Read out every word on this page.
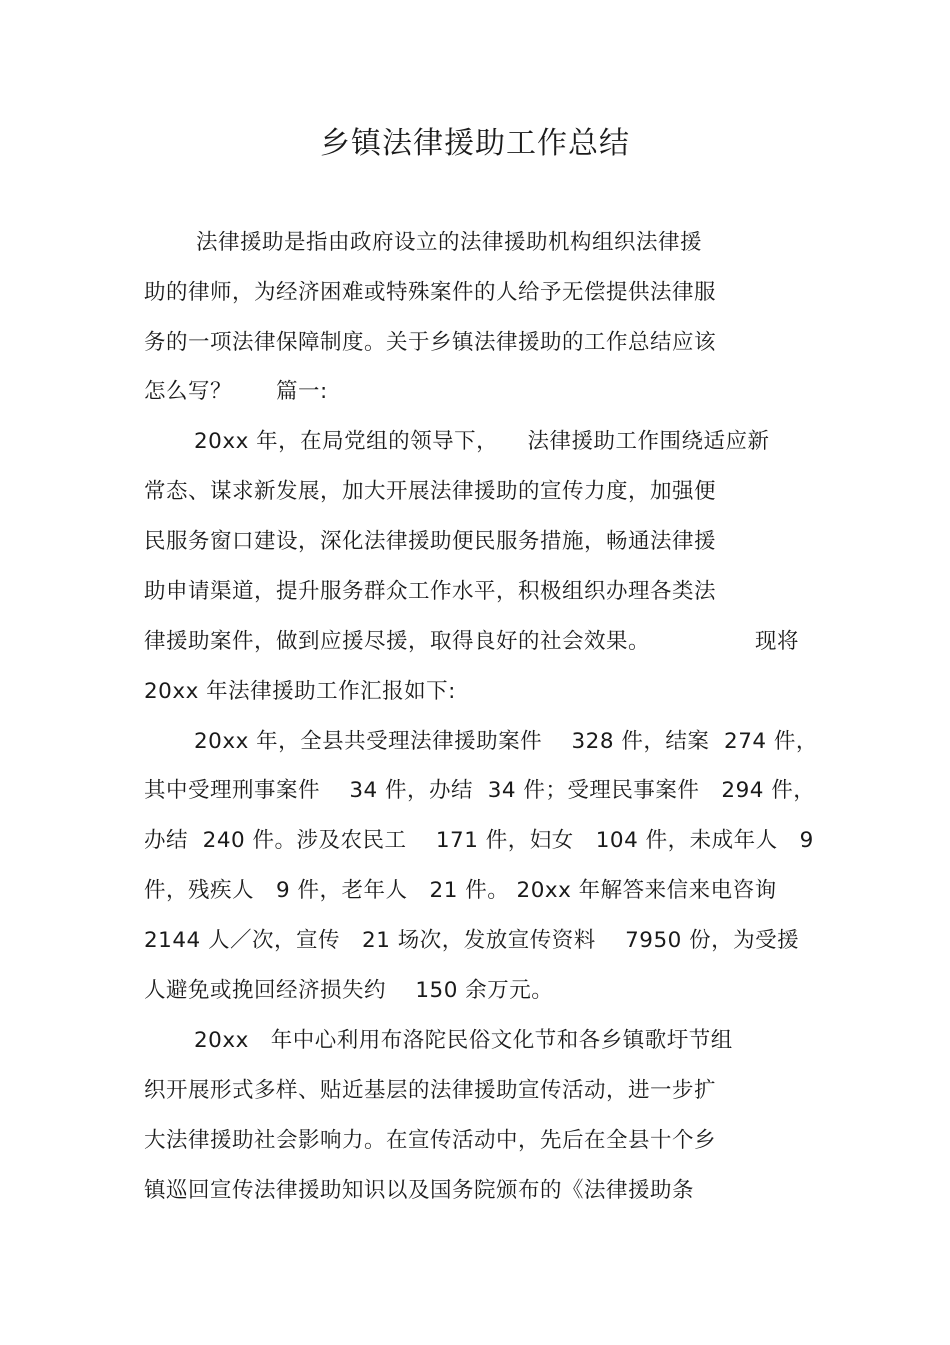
乡镇法律援助工作总结
法律援助是指由政府设立的法律援助机构组织法律援
助的律师，为经济困难或特殊案件的人给予无偿提供法律服
务的一项法律保障制度。关于乡镇法律援助的工作总结应该
怎么写？      篇一:
20xx 年，在局党组的领导下，    法律援助工作围绕适应新
常态、谋求新发展，加大开展法律援助的宣传力度，加强便
民服务窗口建设，深化法律援助便民服务措施，畅通法律援
助申请渠道，提升服务群众工作水平，积极组织办理各类法
律援助案件，做到应援尽援，取得良好的社会效果。	现将
20xx 年法律援助工作汇报如下:
20xx 年，全县共受理法律援助案件    328 件，结案  274 件，
其中受理刑事案件    34 件，办结  34 件；受理民事案件   294 件，
办结  240 件。涉及农民工    171 件，妇女   104 件，未成年人   9
件，残疾人   9 件，老年人   21 件。 20xx 年解答来信来电咨询
2144 人／次，宣传   21 场次，发放宣传资料    7950 份，为受援
人避免或挽回经济损失约    150 余万元。
20xx   年中心利用布洛陀民俗文化节和各乡镇歌圩节组
织开展形式多样、贴近基层的法律援助宣传活动，进一步扩
大法律援助社会影响力。在宣传活动中，先后在全县十个乡
镇巡回宣传法律援助知识以及国务院颁布的《法律援助条
